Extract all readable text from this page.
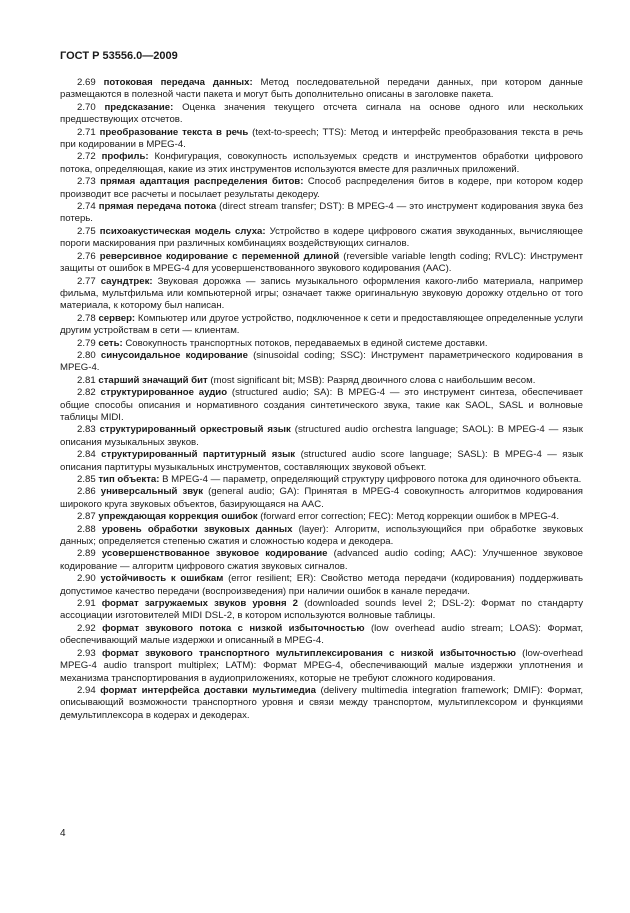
ГОСТ Р 53556.0—2009

2.69 потоковая передача данных: Метод последовательной передачи данных, при котором данные размещаются в полезной части пакета и могут быть дополнительно описаны в заголовке пакета.

2.70 предсказание: Оценка значения текущего отсчета сигнала на основе одного или нескольких предшествующих отсчетов.

2.71 преобразование текста в речь (text-to-speech; TTS): Метод и интерфейс преобразования текста в речь при кодировании в MPEG-4.

2.72 профиль: Конфигурация, совокупность используемых средств и инструментов обработки цифрового потока, определяющая, какие из этих инструментов используются вместе для различных приложений.

2.73 прямая адаптация распределения битов: Способ распределения битов в кодере, при котором кодер производит все расчеты и посылает результаты декодеру.

2.74 прямая передача потока (direct stream transfer; DST): В MPEG-4 — это инструмент кодирования звука без потерь.

2.75 психоакустическая модель слуха: Устройство в кодере цифрового сжатия звукоданных, вычисляющее пороги маскирования при различных комбинациях воздействующих сигналов.

2.76 реверсивное кодирование с переменной длиной (reversible variable length coding; RVLC): Инструмент защиты от ошибок в MPEG-4 для усовершенствованного звукового кодирования (AAC).

2.77 саундтрек: Звуковая дорожка — запись музыкального оформления какого-либо материала, например фильма, мультфильма или компьютерной игры; означает также оригинальную звуковую дорожку отдельно от того материала, к которому был написан.

2.78 сервер: Компьютер или другое устройство, подключенное к сети и предоставляющее определенные услуги другим устройствам в сети — клиентам.

2.79 сеть: Совокупность транспортных потоков, передаваемых в единой системе доставки.

2.80 синусоидальное кодирование (sinusoidal coding; SSC): Инструмент параметрического кодирования в MPEG-4.

2.81 старший значащий бит (most significant bit; MSB): Разряд двоичного слова с наибольшим весом.

2.82 структурированное аудио (structured audio; SA): В MPEG-4 — это инструмент синтеза, обеспечивает общие способы описания и нормативного создания синтетического звука, такие как SAOL, SASL и волновые таблицы MIDI.

2.83 структурированный оркестровый язык (structured audio orchestra language; SAOL): В MPEG-4 — язык описания музыкальных звуков.

2.84 структурированный партитурный язык (structured audio score language; SASL): В MPEG-4 — язык описания партитуры музыкальных инструментов, составляющих звуковой объект.

2.85 тип объекта: В MPEG-4 — параметр, определяющий структуру цифрового потока для одиночного объекта.

2.86 универсальный звук (general audio; GA): Принятая в MPEG-4 совокупность алгоритмов кодирования широкого круга звуковых объектов, базирующаяся на AAC.

2.87 упреждающая коррекция ошибок (forward error correction; FEC): Метод коррекции ошибок в MPEG-4.

2.88 уровень обработки звуковых данных (layer): Алгоритм, использующийся при обработке звуковых данных; определяется степенью сжатия и сложностью кодера и декодера.

2.89 усовершенствованное звуковое кодирование (advanced audio coding; AAC): Улучшенное звуковое кодирование — алгоритм цифрового сжатия звуковых сигналов.

2.90 устойчивость к ошибкам (error resilient; ER): Свойство метода передачи (кодирования) поддерживать допустимое качество передачи (воспроизведения) при наличии ошибок в канале передачи.

2.91 формат загружаемых звуков уровня 2 (downloaded sounds level 2; DSL-2): Формат по стандарту ассоциации изготовителей MIDI DSL-2, в котором используются волновые таблицы.

2.92 формат звукового потока с низкой избыточностью (low overhead audio stream; LOAS): Формат, обеспечивающий малые издержки и описанный в MPEG-4.

2.93 формат звукового транспортного мультиплексирования с низкой избыточностью (low-overhead MPEG-4 audio transport multiplex; LATM): Формат MPEG-4, обеспечивающий малые издержки уплотнения и механизма транспортирования в аудиоприложениях, которые не требуют сложного кодирования.

2.94 формат интерфейса доставки мультимедиа (delivery multimedia integration framework; DMIF): Формат, описывающий возможности транспортного уровня и связи между транспортом, мультиплексором и функциями демультиплексора в кодерах и декодерах.

4
